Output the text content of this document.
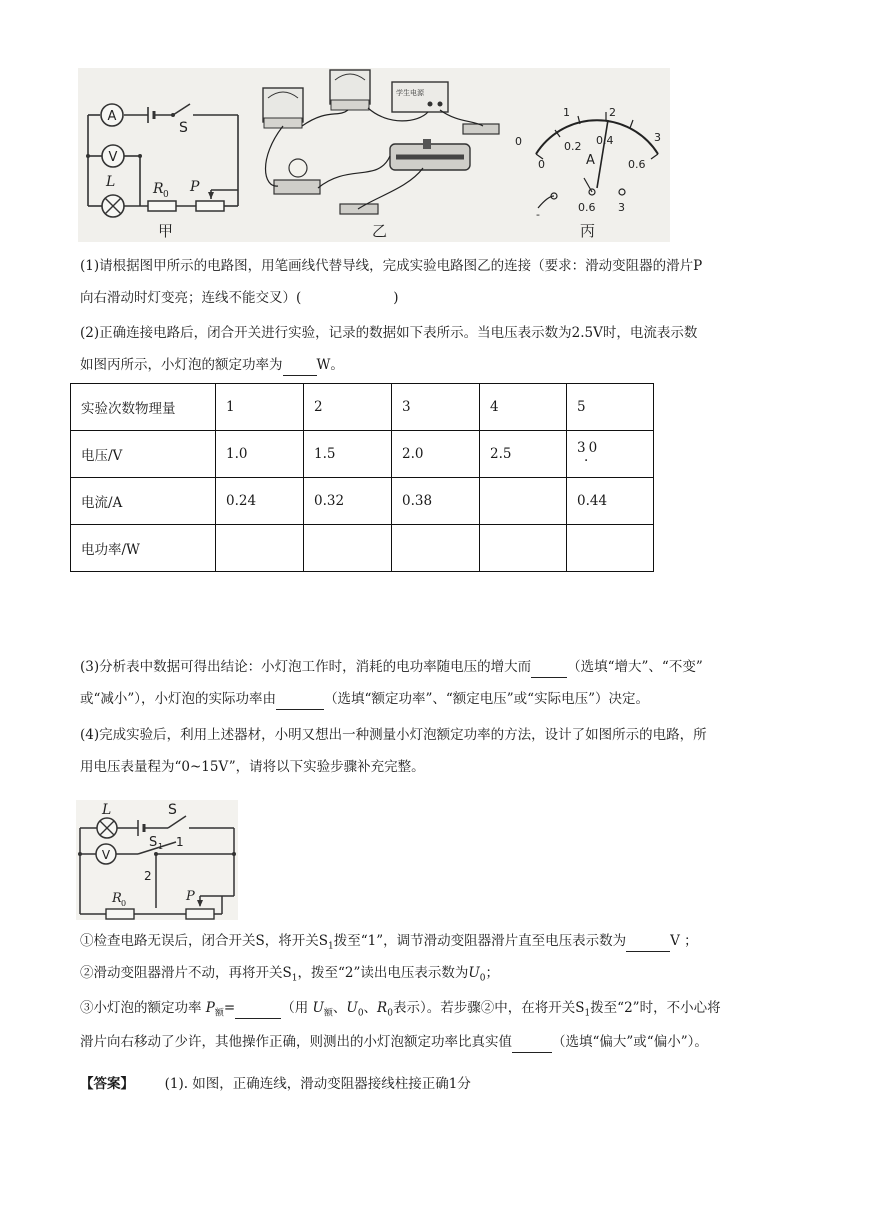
A
V
S
L	R 0 P
学生电源
0
1	2
3
0
0.2 0.4
0.6
A
-
0.6 3
甲	乙	丙
(1)请根据图甲所示的电路图，用笔画线代替导线，完成实验电路图乙的连接（要求：滑动变阻器的滑片P
向右滑动时灯变亮；连线不能交叉）(	)
(2)正确连接电路后，闭合开关进行实验，记录的数据如下表所示。当电压表示数为2.5V时，电流表示数
如图丙所示，小灯泡的额定功率为	W。
实验次数物理量	1	2	3	4	5
电压/V	1.0	1.5	2.0	2.5	30
·

电流/A	0.24	0.32	0.38		0.44
电功率/W					
(3)分析表中数据可得出结论：小灯泡工作时，消耗的电功率随电压的增大而	（选填“增大”、“不变”
或“减小”），小灯泡的实际功率由	（选填“额定功率”、“额定电压”或“实际电压”）决定。
(4)完成实验后，利用上述器材，小明又想出一种测量小灯泡额定功率的方法，设计了如图所示的电路，所
用电压表量程为“0~15V”，请将以下实验步骤补充完整。
L	S
S 1 1
2
V
R 0	P
①检查电路无误后，闭合开关S，将开关$S_1$拨至“1”，调节滑动变阻器滑片直至电压表示数为	V ；
②滑动变阻器滑片不动，再将开关$S_1$，拨至“2”读出电压表示数为$U_0$；
③小灯泡的额定功率 $P_额=$	（用 $U_额$、$U_0$、$R_0$表示）。若步骤②中，在将开关$S_1$拨至“2”时，不小心将
滑片向右移动了少许，其他操作正确，则测出的小灯泡额定功率比真实值	（选填“偏大”或“偏小”）。
【答案】 (1). 如图，正确连线，滑动变阻器接线柱接正确1分
